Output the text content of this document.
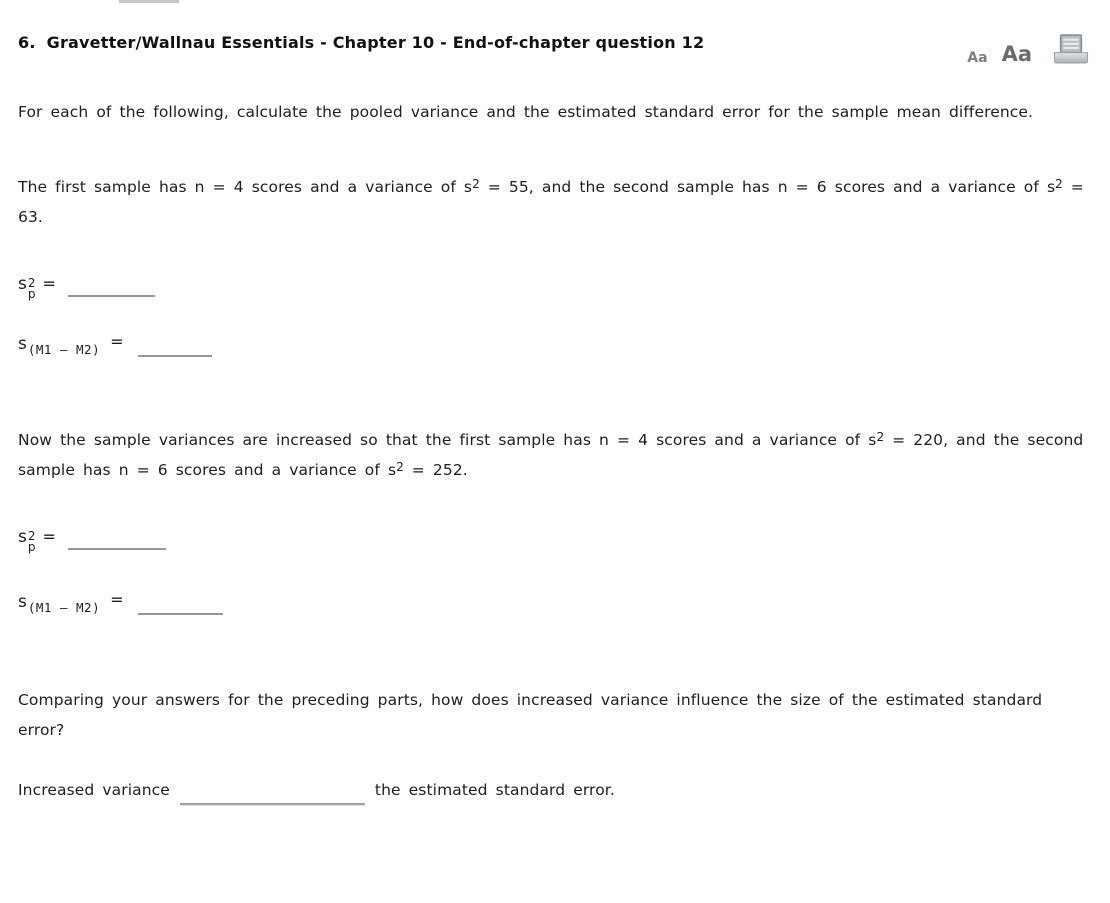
6. Gravetter/Wallnau Essentials - Chapter 10 - End-of-chapter question 12
Aa Aa

For each of the following, calculate the pooled variance and the estimated standard error for the sample mean difference.

The first sample has n = 4 scores and a variance of $s^2 = 55$, and the second sample has n = 6 scores and a variance of $s^2 = 63$.

s 2
p
=
s (M1 – M2) =

Now the sample variances are increased so that the first sample has n = 4 scores and a variance of $s^2 = 220$, and the second sample has n = 6 scores and a variance of $s^2 = 252$.

s 2
p
=
s (M1 – M2) =

Comparing your answers for the preceding parts, how does increased variance influence the size of the estimated standard error?

Increased variance	the estimated standard error.
